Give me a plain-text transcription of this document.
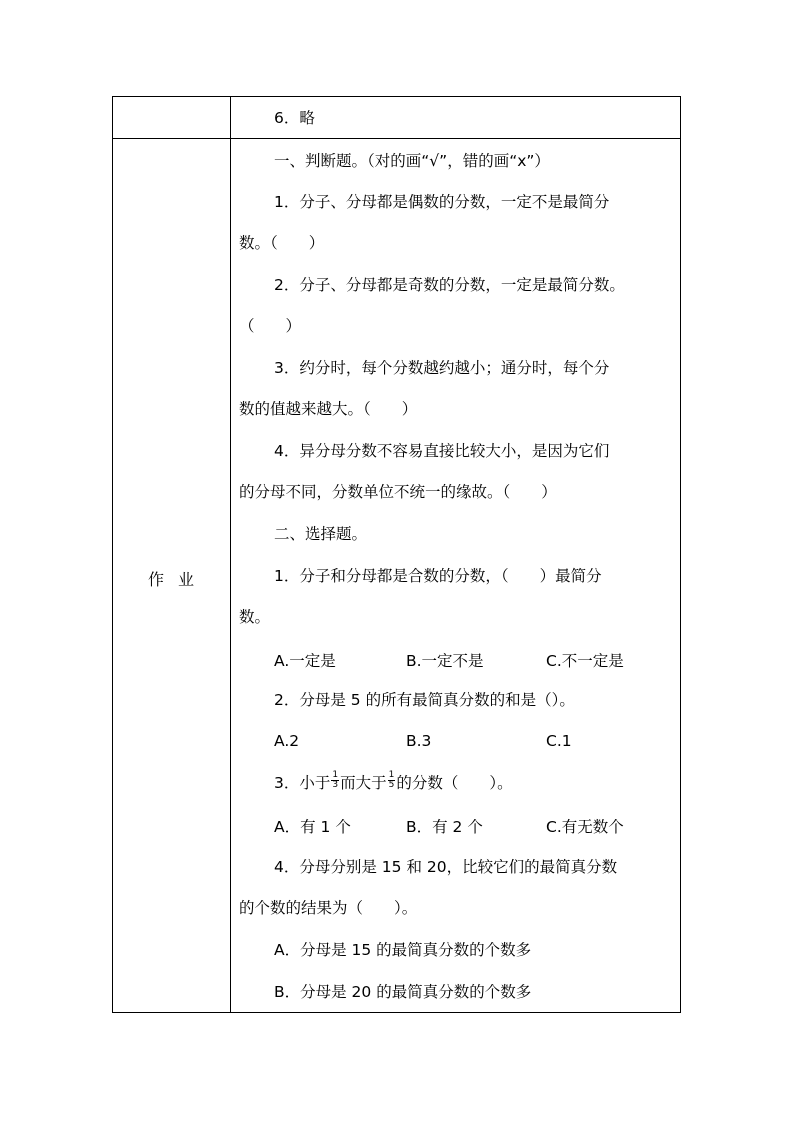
6．略
作业
一、判断题。（对的画“√”，错的画“x”）
1．分子、分母都是偶数的分数，一定不是最简分
数。（　　）
2．分子、分母都是奇数的分数，一定是最简分数。
（　　）
3．约分时，每个分数越约越小；通分时，每个分
数的值越来越大。（　　）
4．异分母分数不容易直接比较大小，是因为它们
的分母不同，分数单位不统一的缘故。（　　）
二、选择题。
1．分子和分母都是合数的分数，（　　）最简分
数。
A.一定是	B.一定不是	C.不一定是
2．分母是 5 的所有最简真分数的和是（）。
A.2	B.3	C.1
3．小于 $\frac{1}{3}$ 而大于 $\frac{1}{5}$ 的分数（　　）。
A．有 1 个	B．有 2 个	C.有无数个
4．分母分别是 15 和 20，比较它们的最简真分数
的个数的结果为（　　）。
A．分母是 15 的最简真分数的个数多
B．分母是 20 的最简真分数的个数多
